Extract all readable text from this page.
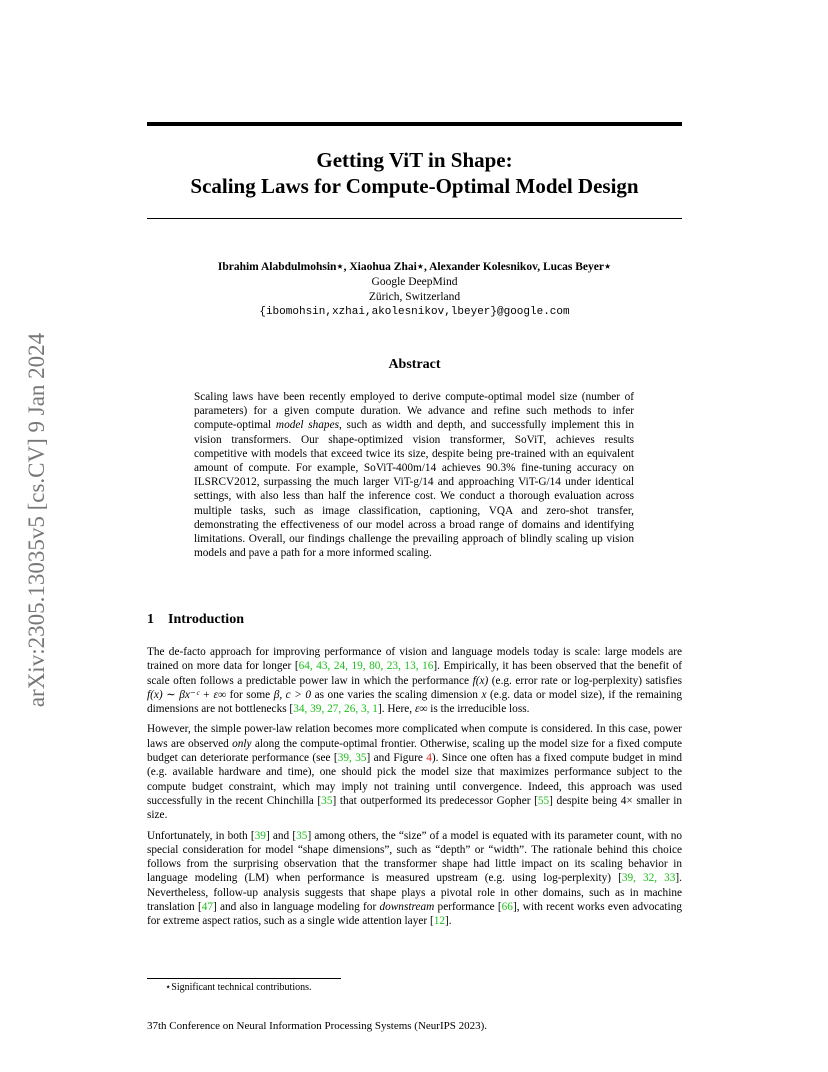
arXiv:2305.13035v5 [cs.CV] 9 Jan 2024
Getting ViT in Shape:
Scaling Laws for Compute-Optimal Model Design
Ibrahim Alabdulmohsin⋆, Xiaohua Zhai⋆, Alexander Kolesnikov, Lucas Beyer⋆
Google DeepMind
Zürich, Switzerland
{ibomohsin,xzhai,akolesnikov,lbeyer}@google.com
Abstract
Scaling laws have been recently employed to derive compute-optimal model size (number of parameters) for a given compute duration. We advance and refine such methods to infer compute-optimal model shapes, such as width and depth, and successfully implement this in vision transformers. Our shape-optimized vision transformer, SoViT, achieves results competitive with models that exceed twice its size, despite being pre-trained with an equivalent amount of compute. For example, SoViT-400m/14 achieves 90.3% fine-tuning accuracy on ILSRCV2012, surpassing the much larger ViT-g/14 and approaching ViT-G/14 under identical settings, with also less than half the inference cost. We conduct a thorough evaluation across multiple tasks, such as image classification, captioning, VQA and zero-shot transfer, demonstrating the effectiveness of our model across a broad range of domains and identifying limitations. Overall, our findings challenge the prevailing approach of blindly scaling up vision models and pave a path for a more informed scaling.
1 Introduction

The de-facto approach for improving performance of vision and language models today is scale: large models are trained on more data for longer [64, 43, 24, 19, 80, 23, 13, 16]. Empirically, it has been observed that the benefit of scale often follows a predictable power law in which the performance f(x) (e.g. error rate or log-perplexity) satisfies f(x) ∼ βx⁻ᶜ + ε∞ for some β, c > 0 as one varies the scaling dimension x (e.g. data or model size), if the remaining dimensions are not bottlenecks [34, 39, 27, 26, 3, 1]. Here, ε∞ is the irreducible loss.

However, the simple power-law relation becomes more complicated when compute is considered. In this case, power laws are observed only along the compute-optimal frontier. Otherwise, scaling up the model size for a fixed compute budget can deteriorate performance (see [39, 35] and Figure 4). Since one often has a fixed compute budget in mind (e.g. available hardware and time), one should pick the model size that maximizes performance subject to the compute budget constraint, which may imply not training until convergence. Indeed, this approach was used successfully in the recent Chinchilla [35] that outperformed its predecessor Gopher [55] despite being 4× smaller in size.

Unfortunately, in both [39] and [35] among others, the “size” of a model is equated with its parameter count, with no special consideration for model “shape dimensions”, such as “depth” or “width”. The rationale behind this choice follows from the surprising observation that the transformer shape had little impact on its scaling behavior in language modeling (LM) when performance is measured upstream (e.g. using log-perplexity) [39, 32, 33]. Nevertheless, follow-up analysis suggests that shape plays a pivotal role in other domains, such as in machine translation [47] and also in language modeling for downstream performance [66], with recent works even advocating for extreme aspect ratios, such as a single wide attention layer [12].

⋆Significant technical contributions.
37th Conference on Neural Information Processing Systems (NeurIPS 2023).
